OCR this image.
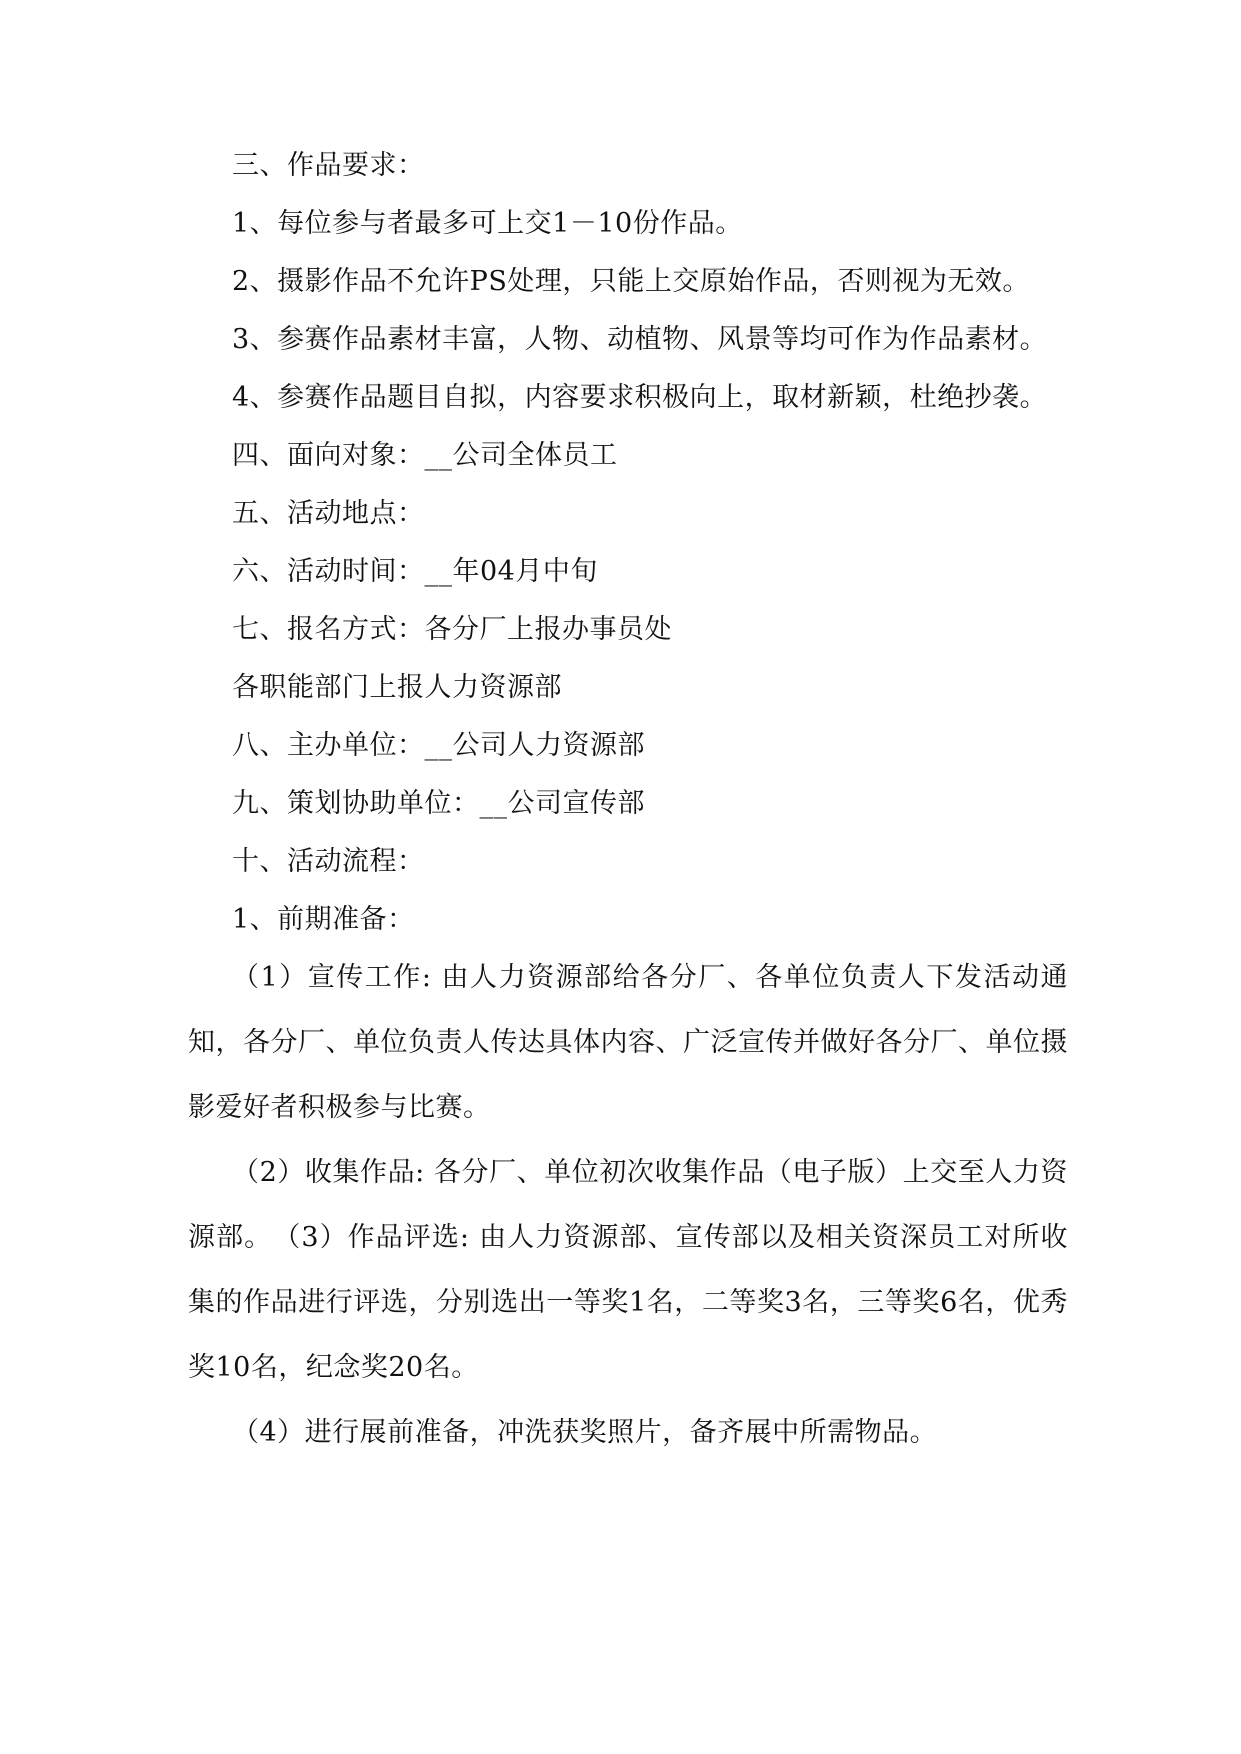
三、作品要求：
1、每位参与者最多可上交1－10份作品。
2、摄影作品不允许PS处理，只能上交原始作品，否则视为无效。
3、参赛作品素材丰富，人物、动植物、风景等均可作为作品素材。
4、参赛作品题目自拟，内容要求积极向上，取材新颖，杜绝抄袭。
四、面向对象：__公司全体员工
五、活动地点：
六、活动时间：__年04月中旬
七、报名方式：各分厂上报办事员处
各职能部门上报人力资源部
八、主办单位：__公司人力资源部
九、策划协助单位：__公司宣传部
十、活动流程：
1、前期准备：
（1）宣传工作: 由人力资源部给各分厂、各单位负责人下发活动通知，各分厂、单位负责人传达具体内容、广泛宣传并做好各分厂、单位摄影爱好者积极参与比赛。
（2）收集作品: 各分厂、单位初次收集作品（电子版）上交至人力资源部。　（3）作品评选: 由人力资源部、宣传部以及相关资深员工对所收集的作品进行评选，分别选出一等奖1名，二等奖3名，三等奖6名，优秀奖10名，纪念奖20名。
（4）进行展前准备，冲洗获奖照片，备齐展中所需物品。
